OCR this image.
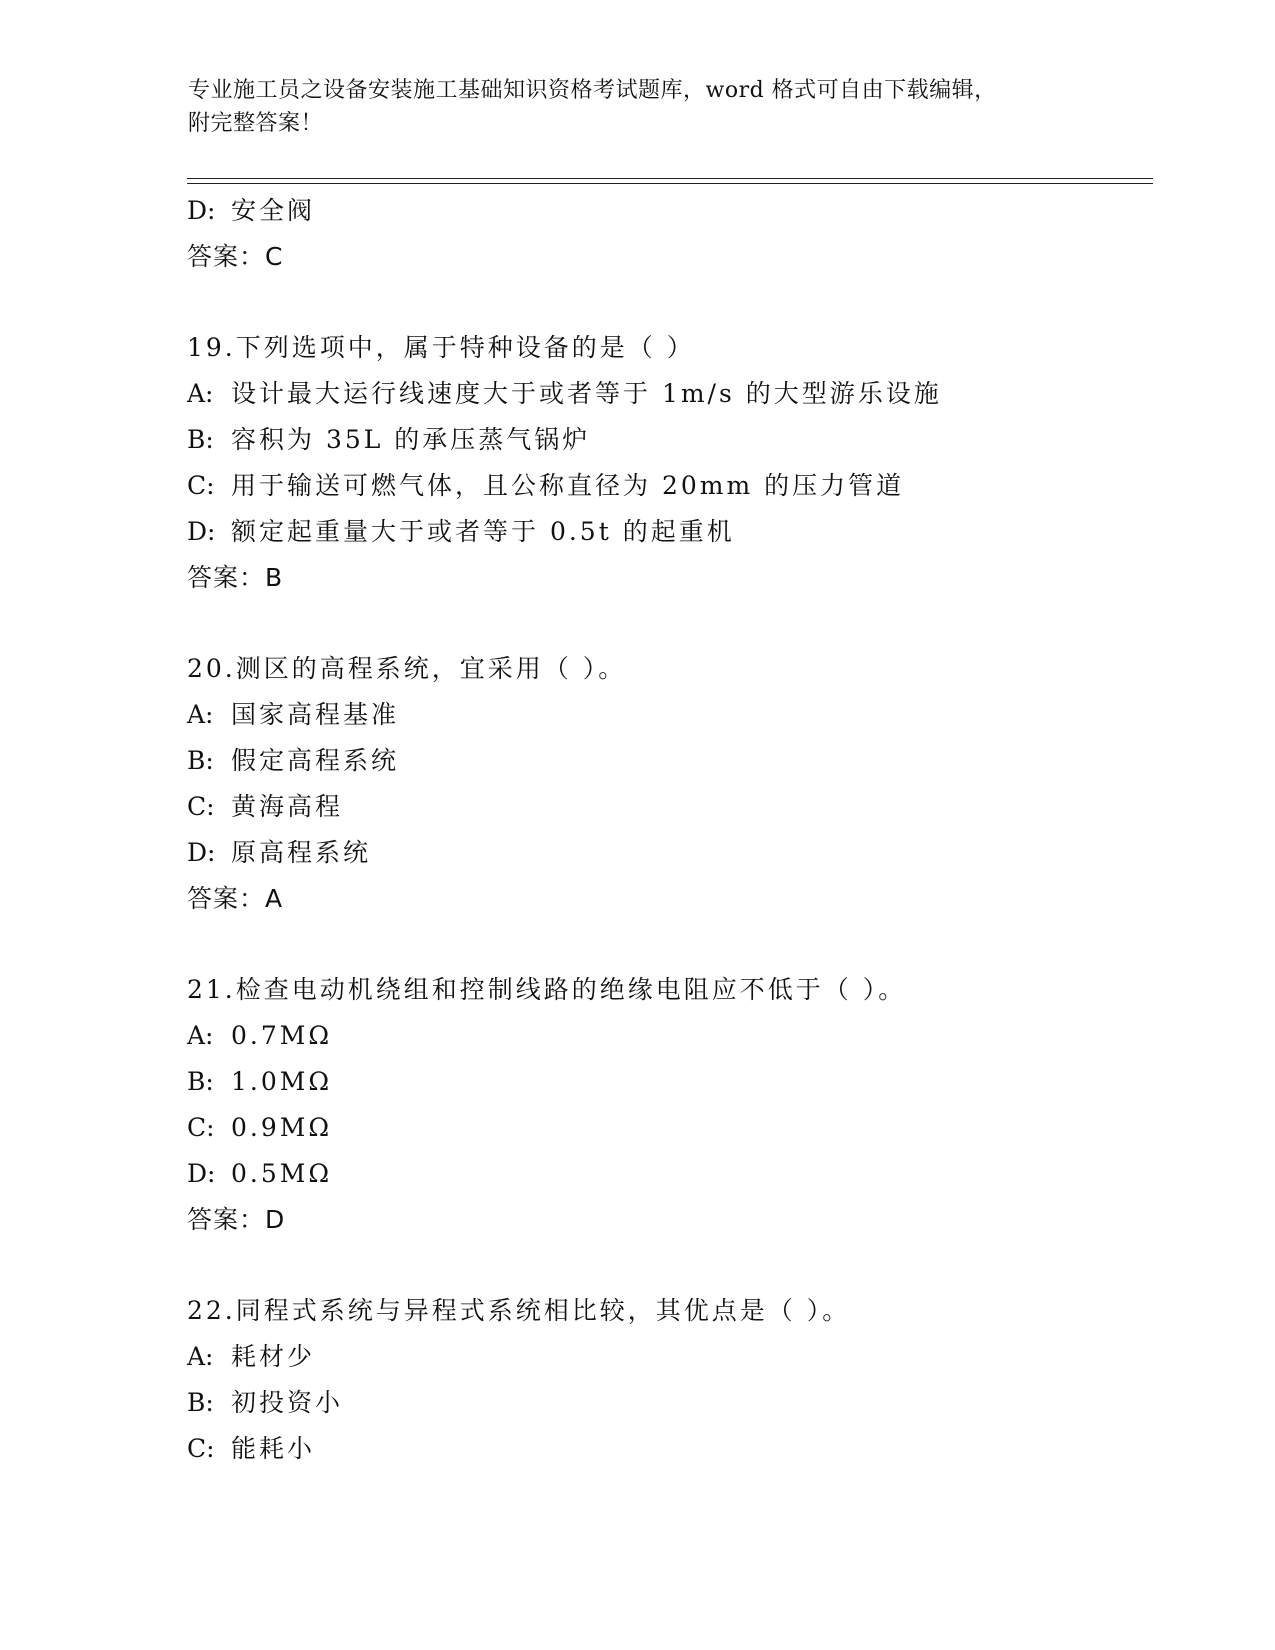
专业施工员之设备安装施工基础知识资格考试题库，word 格式可自由下载编辑，
附完整答案！
D: 安全阀
答案：C
19.下列选项中，属于特种设备的是（ ）
A: 设计最大运行线速度大于或者等于 1m/s 的大型游乐设施
B: 容积为 35L 的承压蒸气锅炉
C: 用于输送可燃气体，且公称直径为 20mm 的压力管道
D: 额定起重量大于或者等于 0.5t 的起重机
答案：B
20.测区的高程系统，宜采用（ ）。
A: 国家高程基准
B: 假定高程系统
C: 黄海高程
D: 原高程系统
答案：A
21.检查电动机绕组和控制线路的绝缘电阻应不低于（ ）。
A: 0.7MΩ
B: 1.0MΩ
C: 0.9MΩ
D: 0.5MΩ
答案：D
22.同程式系统与异程式系统相比较，其优点是（ ）。
A: 耗材少
B: 初投资小
C: 能耗小
